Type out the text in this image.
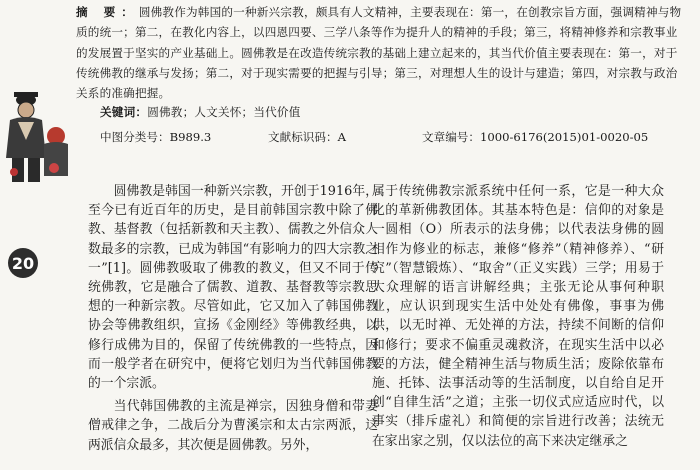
摘 要：圆佛教作为韩国的一种新兴宗教，颇具有人文精神，主要表现在：第一，在创教宗旨方面，强调精神与物质的统一；第二，在教化内容上，以四恩四要、三学八条等作为提升人的精神的手段；第三，将精神修养和宗教事业的发展置于坚实的产业基础上。圆佛教是在改造传统宗教的基础上建立起来的，其当代价值主要表现在：第一，对于传统佛教的继承与发扬；第二，对于现实需要的把握与引导；第三，对理想人生的设计与建造；第四，对宗教与政治关系的准确把握。

关键词：圆佛教；人文关怀；当代价值

中图分类号：B989.3	文献标识码：A	文章编号：1000-6176(2015)01-0020-05
20

圆佛教是韩国一种新兴宗教，开创于1916年，至今已有近百年的历史，是目前韩国宗教中除了佛教、基督教（包括新教和天主教）、儒教之外信众人数最多的宗教，已成为韩国“有影响力的四大宗教之一”[1]。圆佛教吸取了佛教的教义，但又不同于传统佛教，它是融合了儒教、道教、基督教等宗教思想的一种新宗教。尽管如此，它又加入了韩国佛教协会等佛教组织，宣扬《金刚经》等佛教经典，以修行成佛为目的，保留了传统佛教的一些特点，因而一般学者在研究中，便将它划归为当代韩国佛教的一个宗派。

当代韩国佛教的主流是禅宗，因独身僧和带妻僧戒律之争，二战后分为曹溪宗和太古宗两派，这两派信众最多，其次便是圆佛教。另外，

属于传统佛教宗派系统中任何一系，它是一种大众化的革新佛教团体。其基本特色是：信仰的对象是一圆相（O）所表示的法身佛；以代表法身佛的圆相作为修业的标志，兼修“修养”（精神修养）、“研究”（智慧锻炼）、“取舍”（正义实践）三学；用易于大众理解的语言讲解经典；主张无论从事何种职业，应认识到现实生活中处处有佛像，事事为佛供，以无时禅、无处禅的方法，持续不间断的信仰和修行；要求不偏重灵魂救济，在现实生活中以必要的方法，健全精神生活与物质生活；废除依靠布施、托钵、法事活动等的生活制度，以自给自足开创“自律生活”之道；主张一切仪式应适应时代，以事实（排斥虚礼）和简便的宗旨进行改善；法统无在家出家之别，仅以法位的高下来决定继承之
